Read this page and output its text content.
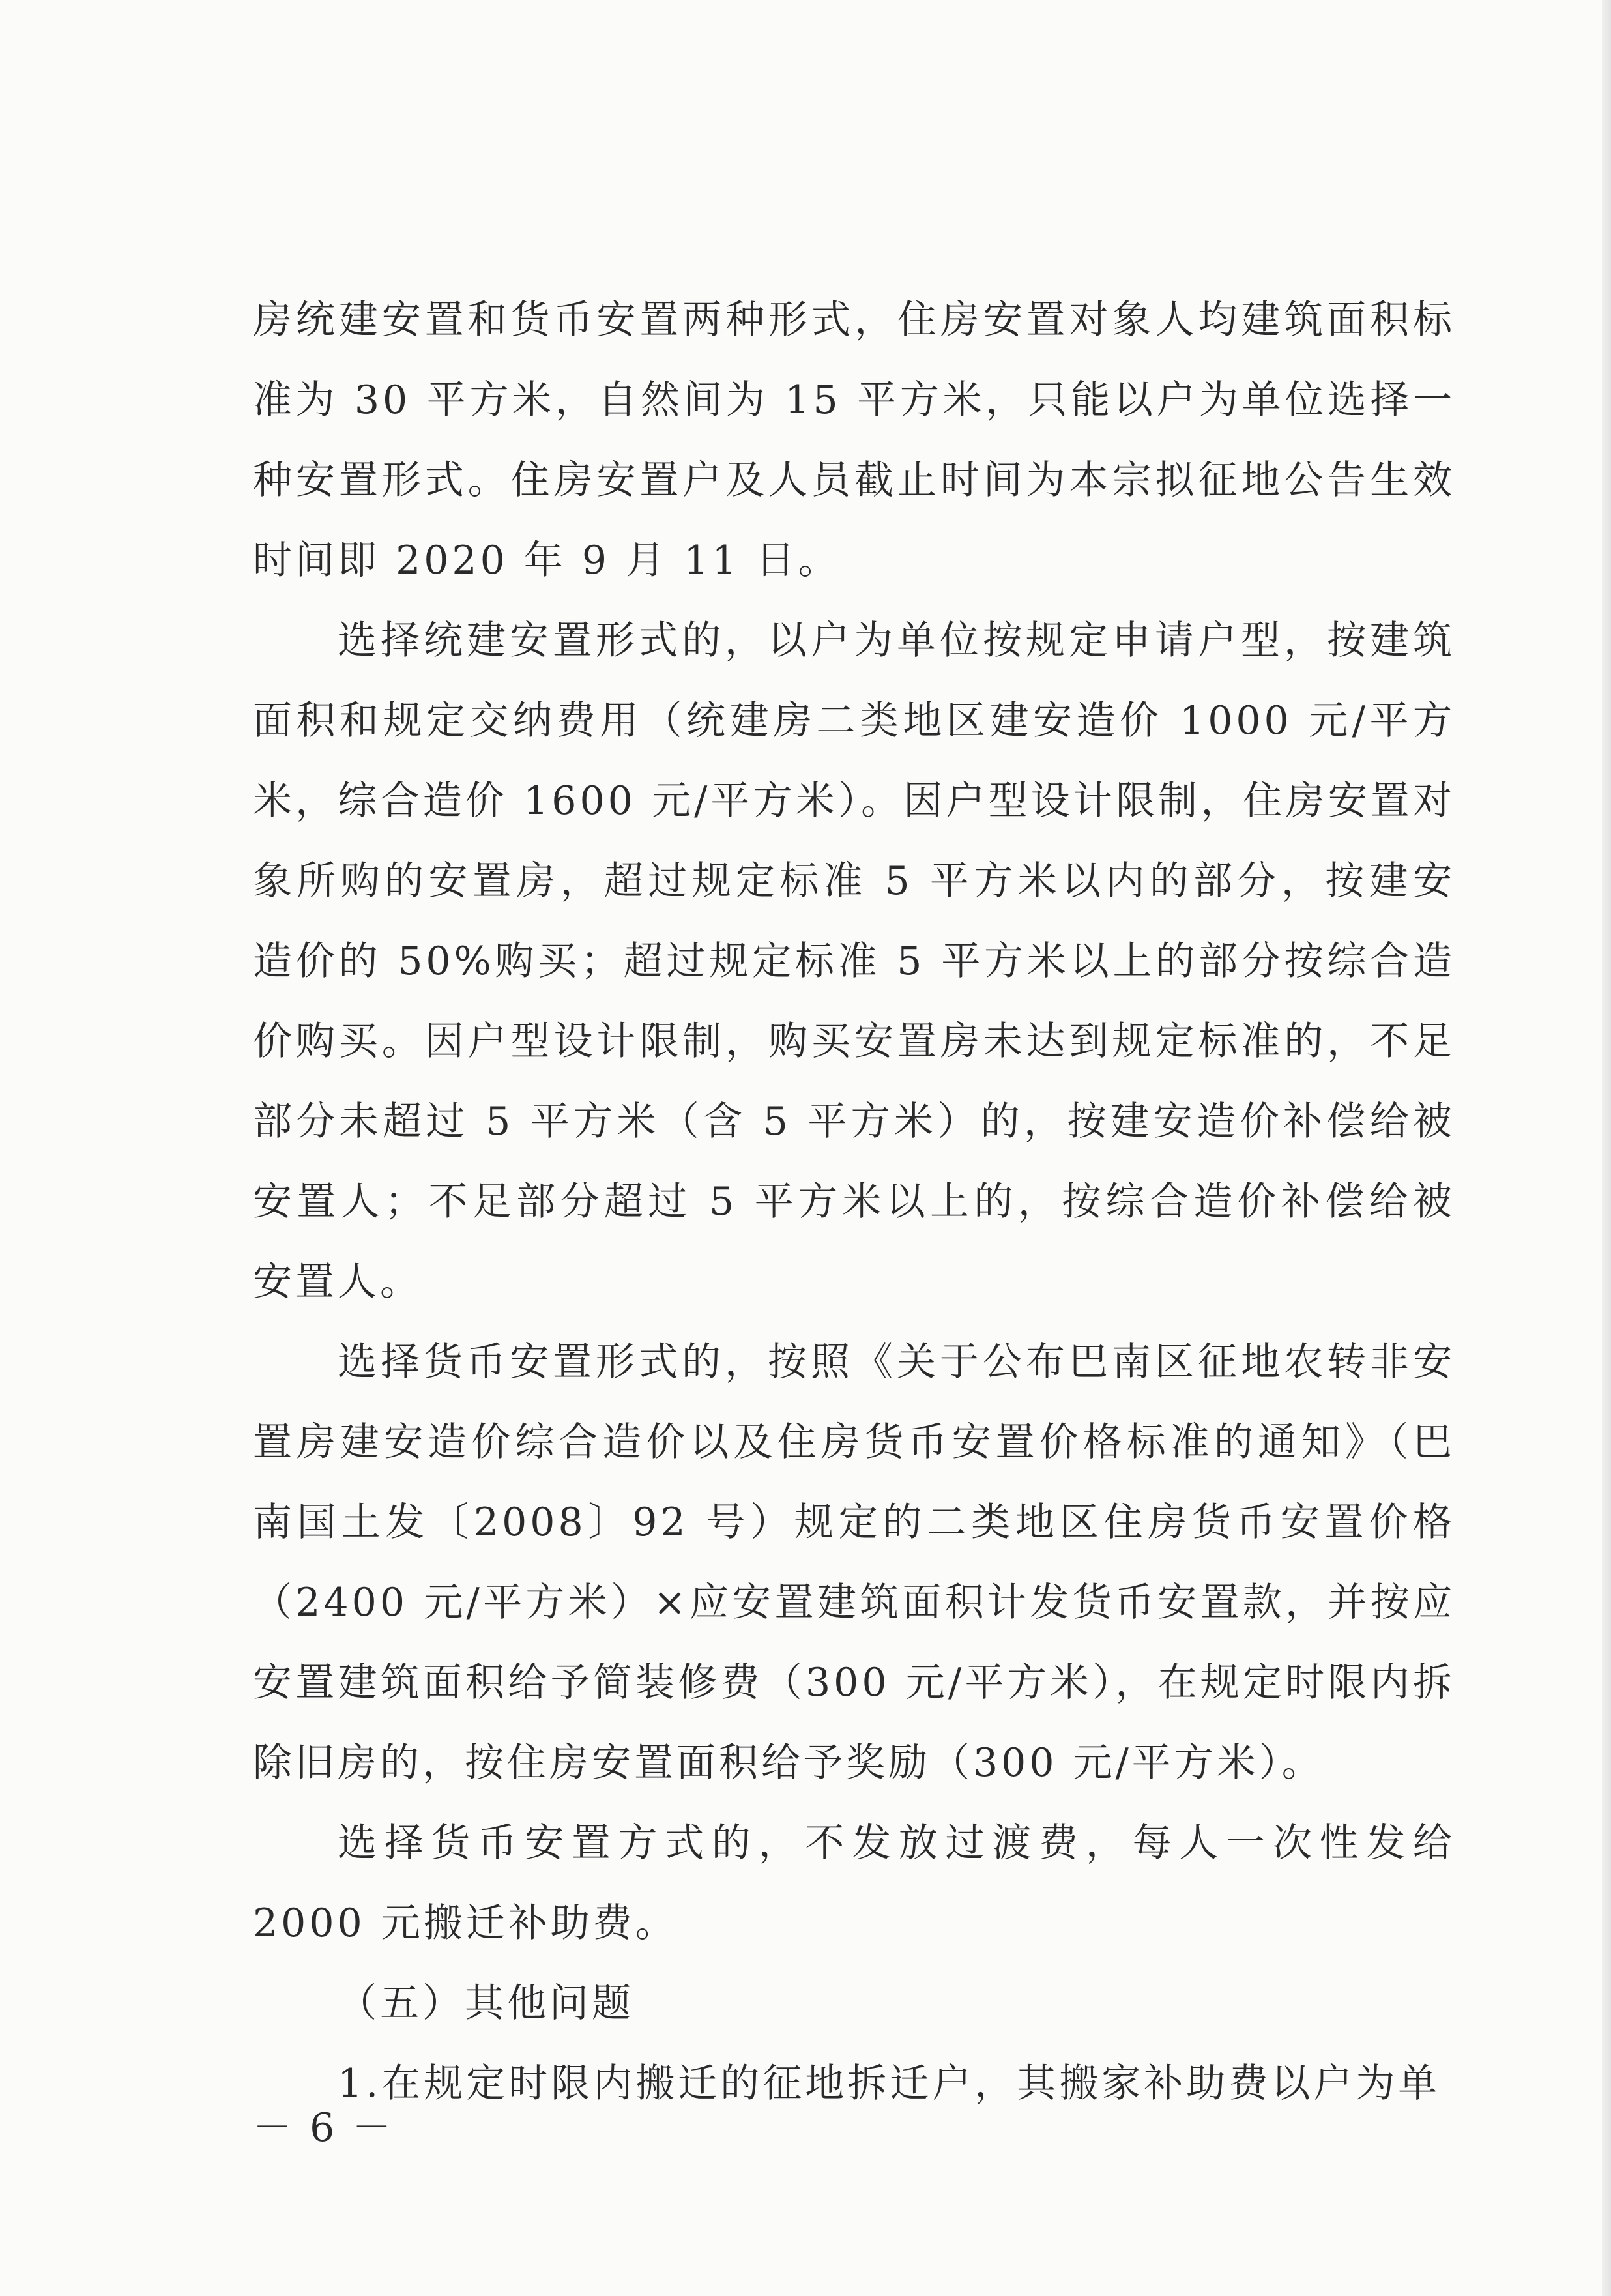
房统建安置和货币安置两种形式，住房安置对象人均建筑面积标准为 30 平方米，自然间为 15 平方米，只能以户为单位选择一种安置形式。住房安置户及人员截止时间为本宗拟征地公告生效时间即 2020 年 9 月 11 日。

选择统建安置形式的，以户为单位按规定申请户型，按建筑面积和规定交纳费用（统建房二类地区建安造价 1000 元/平方米，综合造价 1600 元/平方米）。因户型设计限制，住房安置对象所购的安置房，超过规定标准 5 平方米以内的部分，按建安造价的 50%购买；超过规定标准 5 平方米以上的部分按综合造价购买。因户型设计限制，购买安置房未达到规定标准的，不足部分未超过 5 平方米（含 5 平方米）的，按建安造价补偿给被安置人；不足部分超过 5 平方米以上的，按综合造价补偿给被安置人。

选择货币安置形式的，按照《关于公布巴南区征地农转非安置房建安造价综合造价以及住房货币安置价格标准的通知》（巴南国土发〔2008〕92 号）规定的二类地区住房货币安置价格（2400 元/平方米）×应安置建筑面积计发货币安置款，并按应安置建筑面积给予简装修费（300 元/平方米），在规定时限内拆除旧房的，按住房安置面积给予奖励（300 元/平方米）。

选择货币安置方式的，不发放过渡费，每人一次性发给 2000 元搬迁补助费。

（五）其他问题

1.在规定时限内搬迁的征地拆迁户，其搬家补助费以户为单

－ 6 －
